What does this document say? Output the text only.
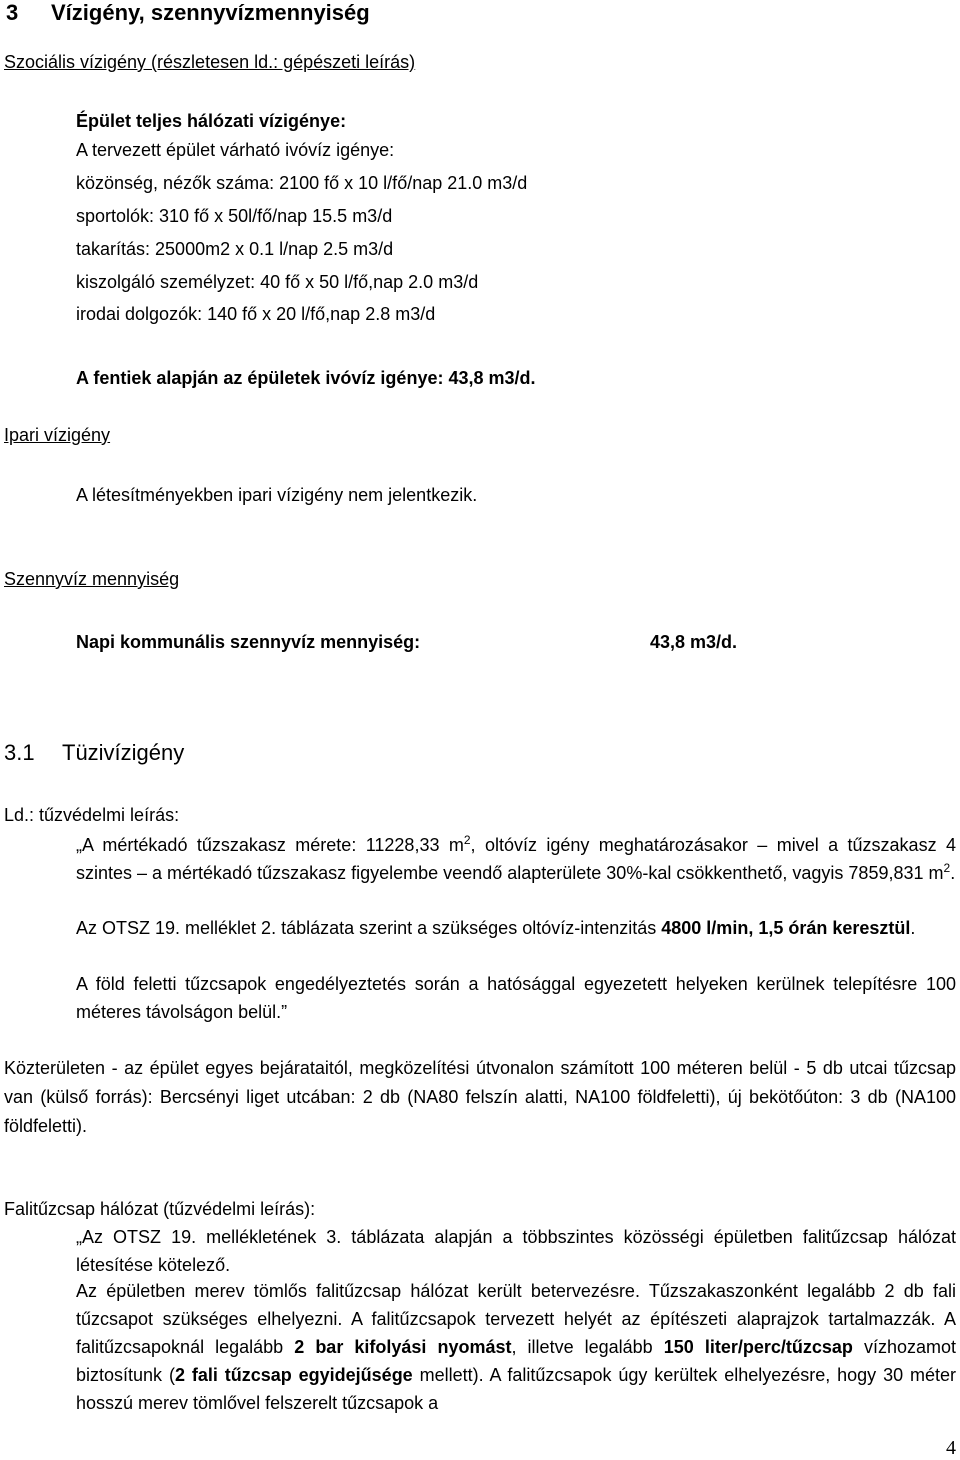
3 Vízigény, szennyvízmennyiség
Szociális vízigény (részletesen ld.: gépészeti leírás)
Épület teljes hálózati vízigénye:
A tervezett épület várható ivóvíz igénye:
közönség, nézők száma: 2100 fő x 10 l/fő/nap 21.0 m3/d
sportolók: 310 fő x 50l/fő/nap 15.5 m3/d
takarítás: 25000m2 x 0.1 l/nap 2.5 m3/d
kiszolgáló személyzet: 40 fő x 50 l/fő,nap 2.0 m3/d
irodai dolgozók: 140 fő x 20 l/fő,nap 2.8 m3/d
A fentiek alapján az épületek ivóvíz igénye: 43,8 m3/d.
Ipari vízigény
A létesítményekben ipari vízigény nem jelentkezik.
Szennyvíz mennyiség
Napi kommunális szennyvíz mennyiség:	43,8 m3/d.
3.1 Tüzivízigény
Ld.: tűzvédelmi leírás:
„A mértékadó tűzszakasz mérete: 11228,33 $m^2$, oltóvíz igény meghatározásakor – mivel a tűzszakasz 4 szintes – a mértékadó tűzszakasz figyelembe veendő alapterülete 30%-kal csökkenthető, vagyis 7859,831 $m^2$.
Az OTSZ 19. melléklet 2. táblázata szerint a szükséges oltóvíz-intenzitás 4800 l/min, 1,5 órán keresztül.
A föld feletti tűzcsapok engedélyeztetés során a hatósággal egyezetett helyeken kerülnek telepítésre 100 méteres távolságon belül.”
Közterületen - az épület egyes bejárataitól, megközelítési útvonalon számított 100 méteren belül - 5 db utcai tűzcsap van (külső forrás): Bercsényi liget utcában: 2 db (NA80 felszín alatti, NA100 földfeletti), új bekötőúton: 3 db (NA100 földfeletti).
Falitűzcsap hálózat (tűzvédelmi leírás):
„Az OTSZ 19. mellékletének 3. táblázata alapján a többszintes közösségi épületben falitűzcsap hálózat létesítése kötelező.
Az épületben merev tömlős falitűzcsap hálózat került betervezésre. Tűzszakaszonként legalább 2 db fali tűzcsapot szükséges elhelyezni. A falitűzcsapok tervezett helyét az építészeti alaprajzok tartalmazzák. A falitűzcsapoknál legalább 2 bar kifolyási nyomást, illetve legalább 150 liter/perc/tűzcsap vízhozamot biztosítunk (2 fali tűzcsap egyidejűsége mellett). A falitűzcsapok úgy kerültek elhelyezésre, hogy 30 méter hosszú merev tömlővel felszerelt tűzcsapok a
4
